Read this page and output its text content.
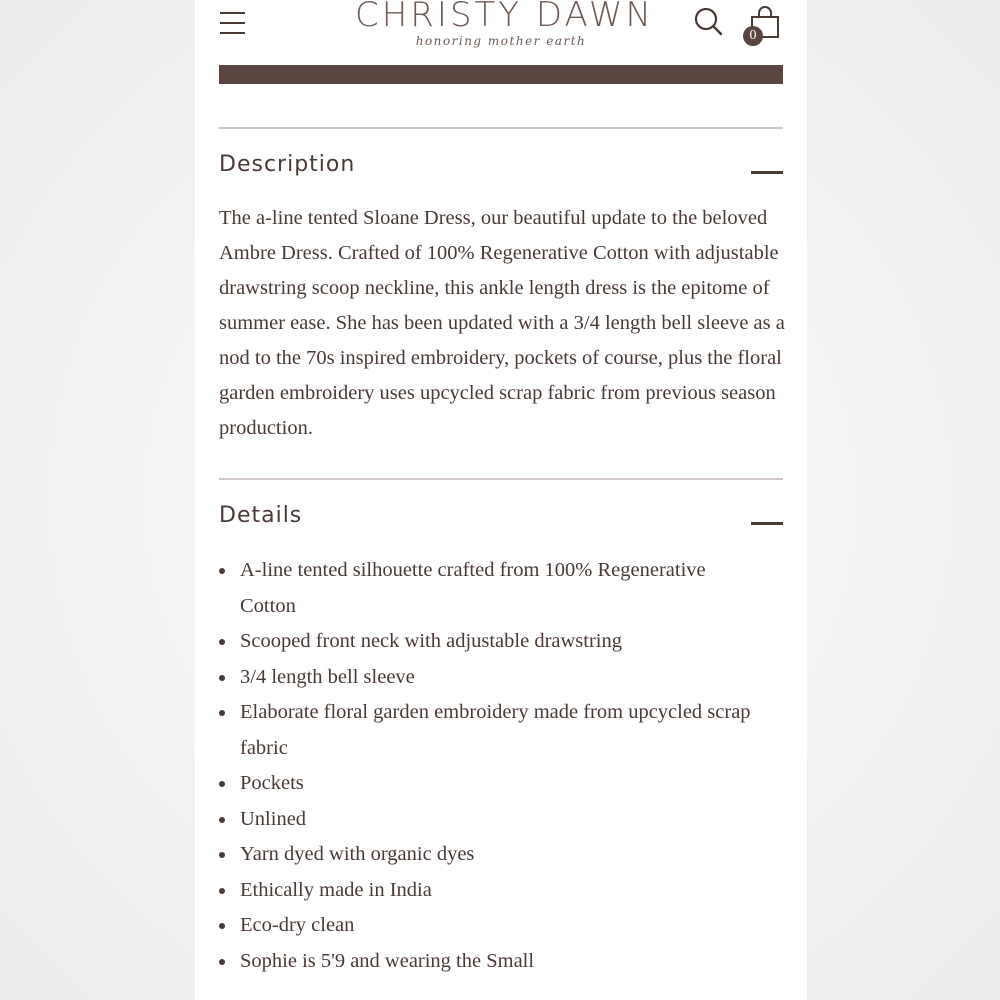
CHRISTY DAWN
honoring mother earth	0
Description

The a-line tented Sloane Dress, our beautiful update to the beloved Ambre Dress. Crafted of 100% Regenerative Cotton with adjustable drawstring scoop neckline, this ankle length dress is the epitome of summer ease. She has been updated with a 3/4 length bell sleeve as a nod to the 70s inspired embroidery, pockets of course, plus the floral garden embroidery uses upcycled scrap fabric from previous season production.

Details
A-line tented silhouette crafted from 100% Regenerative Cotton
Scooped front neck with adjustable drawstring
3/4 length bell sleeve
Elaborate floral garden embroidery made from upcycled scrap fabric
Pockets
Unlined
Yarn dyed with organic dyes
Ethically made in India
Eco-dry clean
Sophie is 5'9 and wearing the Small
